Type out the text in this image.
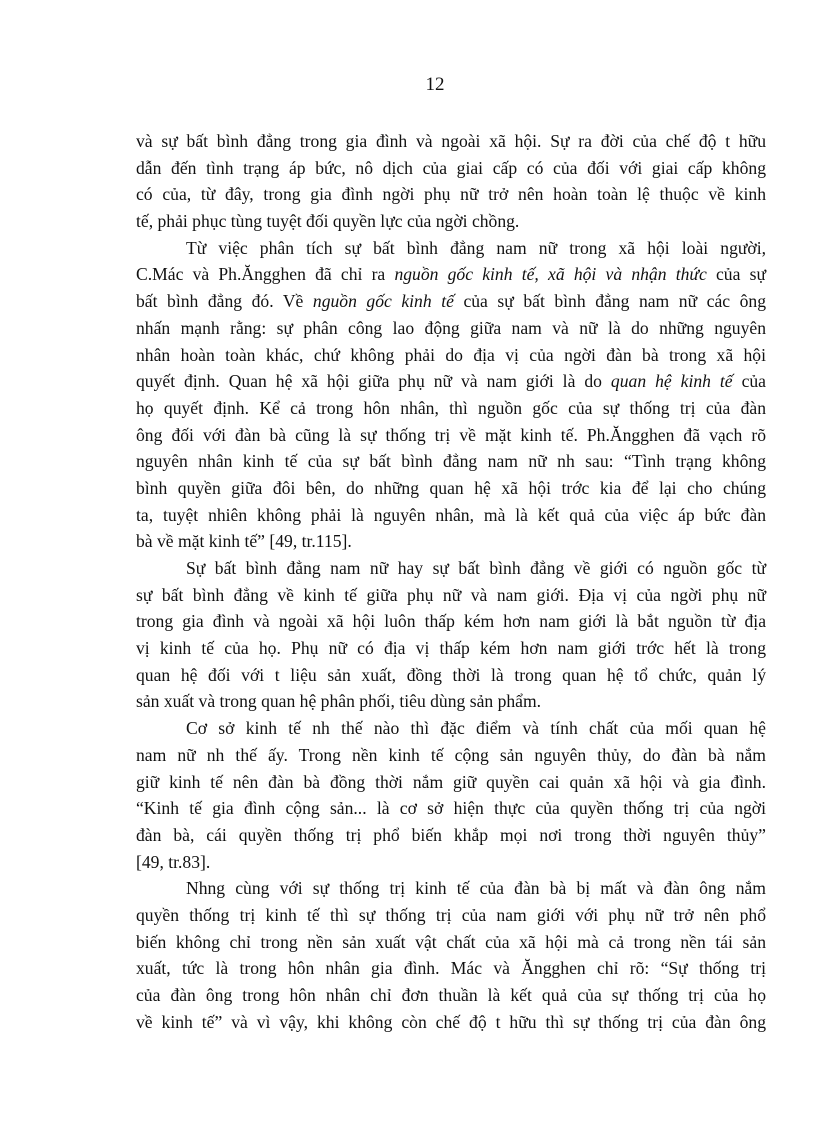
12
và sự bất bình đẳng trong gia đình và ngoài xã hội. Sự ra đời của chế độ t hữu
dẫn đến tình trạng áp bức, nô dịch của giai cấp có của đối với giai cấp không
có của, từ đây, trong gia đình ngời phụ nữ trở nên hoàn toàn lệ thuộc về kinh
tế, phải phục tùng tuyệt đối quyền lực của ngời chồng.
Từ việc phân tích sự bất bình đẳng nam nữ trong xã hội loài người,
C.Mác và Ph.Ăngghen đã chỉ ra nguồn gốc kinh tế, xã hội và nhận thức của sự
bất bình đẳng đó. Về nguồn gốc kinh tế của sự bất bình đẳng nam nữ các ông
nhấn mạnh rằng: sự phân công lao động giữa nam và nữ là do những nguyên
nhân hoàn toàn khác, chứ không phải do địa vị của ngời đàn bà trong xã hội
quyết định. Quan hệ xã hội giữa phụ nữ và nam giới là do quan hệ kinh tế của
họ quyết định. Kể cả trong hôn nhân, thì nguồn gốc của sự thống trị của đàn
ông đối với đàn bà cũng là sự thống trị về mặt kinh tế. Ph.Ăngghen đã vạch rõ
nguyên nhân kinh tế của sự bất bình đẳng nam nữ nh sau: “Tình trạng không
bình quyền giữa đôi bên, do những quan hệ xã hội trớc kia để lại cho chúng
ta, tuyệt nhiên không phải là nguyên nhân, mà là kết quả của việc áp bức đàn
bà về mặt kinh tế” [49, tr.115].
Sự bất bình đẳng nam nữ hay sự bất bình đẳng về giới có nguồn gốc từ
sự bất bình đẳng về kinh tế giữa phụ nữ và nam giới. Địa vị của ngời phụ nữ
trong gia đình và ngoài xã hội luôn thấp kém hơn nam giới là bắt nguồn từ địa
vị kinh tế của họ. Phụ nữ có địa vị thấp kém hơn nam giới trớc hết là trong
quan hệ đối với t liệu sản xuất, đồng thời là trong quan hệ tổ chức, quản lý
sản xuất và trong quan hệ phân phối, tiêu dùng sản phẩm.
Cơ sở kinh tế nh thế nào thì đặc điểm và tính chất của mối quan hệ
nam nữ nh thế ấy. Trong nền kinh tế cộng sản nguyên thủy, do đàn bà nắm
giữ kinh tế nên đàn bà đồng thời nắm giữ quyền cai quản xã hội và gia đình.
“Kinh tế gia đình cộng sản... là cơ sở hiện thực của quyền thống trị của ngời
đàn bà, cái quyền thống trị phổ biến khắp mọi nơi trong thời nguyên thủy”
[49, tr.83].
Nhng cùng với sự thống trị kinh tế của đàn bà bị mất và đàn ông nắm
quyền thống trị kinh tế thì sự thống trị của nam giới với phụ nữ trở nên phổ
biến không chỉ trong nền sản xuất vật chất của xã hội mà cả trong nền tái sản
xuất, tức là trong hôn nhân gia đình. Mác và Ăngghen chỉ rõ: “Sự thống trị
của đàn ông trong hôn nhân chỉ đơn thuần là kết quả của sự thống trị của họ
về kinh tế” và vì vậy, khi không còn chế độ t hữu thì sự thống trị của đàn ông
